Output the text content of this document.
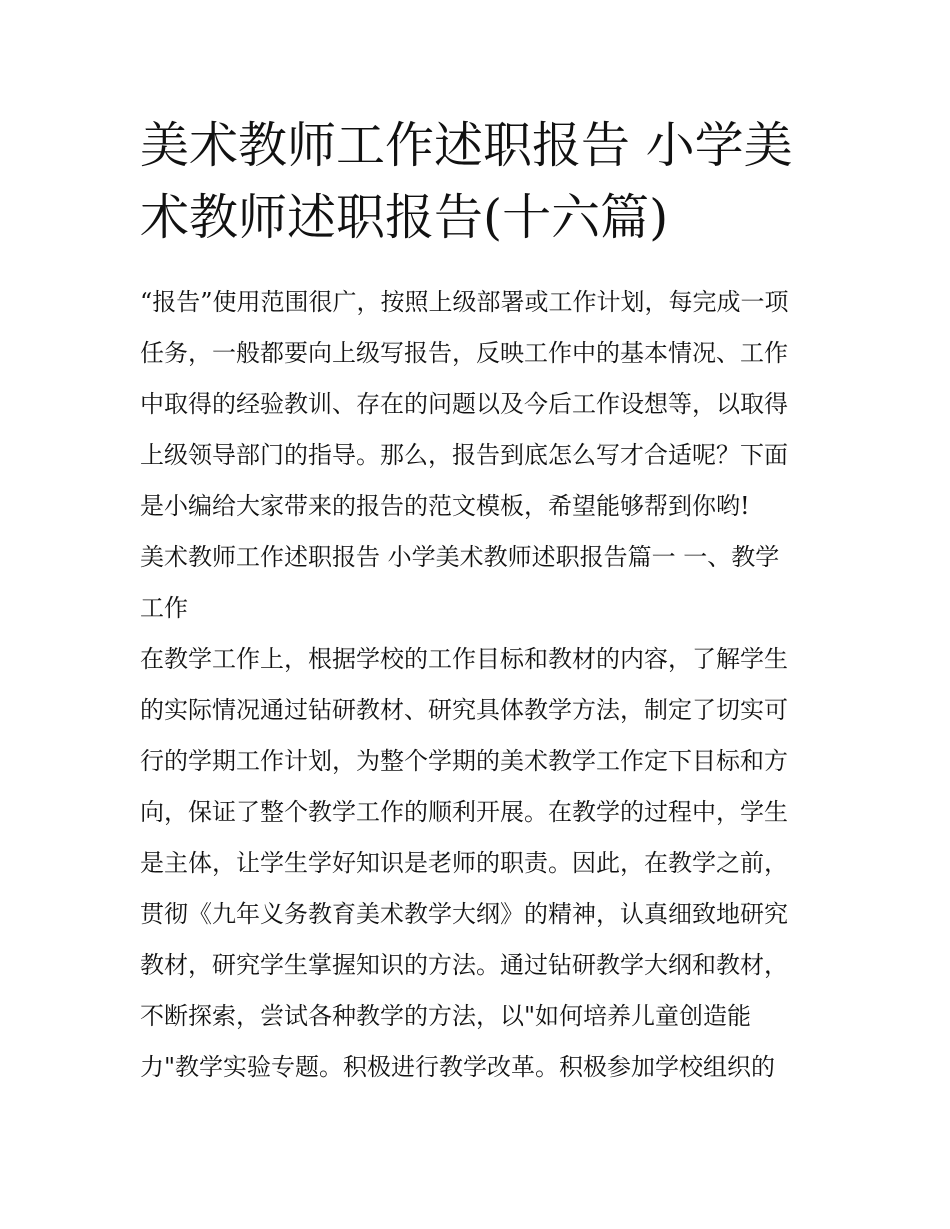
美术教师工作述职报告 小学美
术教师述职报告(十六篇)
“报告”使用范围很广，按照上级部署或工作计划，每完成一项
任务，一般都要向上级写报告，反映工作中的基本情况、工作
中取得的经验教训、存在的问题以及今后工作设想等，以取得
上级领导部门的指导。那么，报告到底怎么写才合适呢？下面
是小编给大家带来的报告的范文模板，希望能够帮到你哟!
美术教师工作述职报告 小学美术教师述职报告篇一 一、教学
工作
在教学工作上，根据学校的工作目标和教材的内容，了解学生
的实际情况通过钻研教材、研究具体教学方法，制定了切实可
行的学期工作计划，为整个学期的美术教学工作定下目标和方
向，保证了整个教学工作的顺利开展。在教学的过程中，学生
是主体，让学生学好知识是老师的职责。因此，在教学之前，
贯彻《九年义务教育美术教学大纲》的精神，认真细致地研究
教材，研究学生掌握知识的方法。通过钻研教学大纲和教材，
不断探索，尝试各种教学的方法，以"如何培养儿童创造能
力"教学实验专题。积极进行教学改革。积极参加学校组织的
